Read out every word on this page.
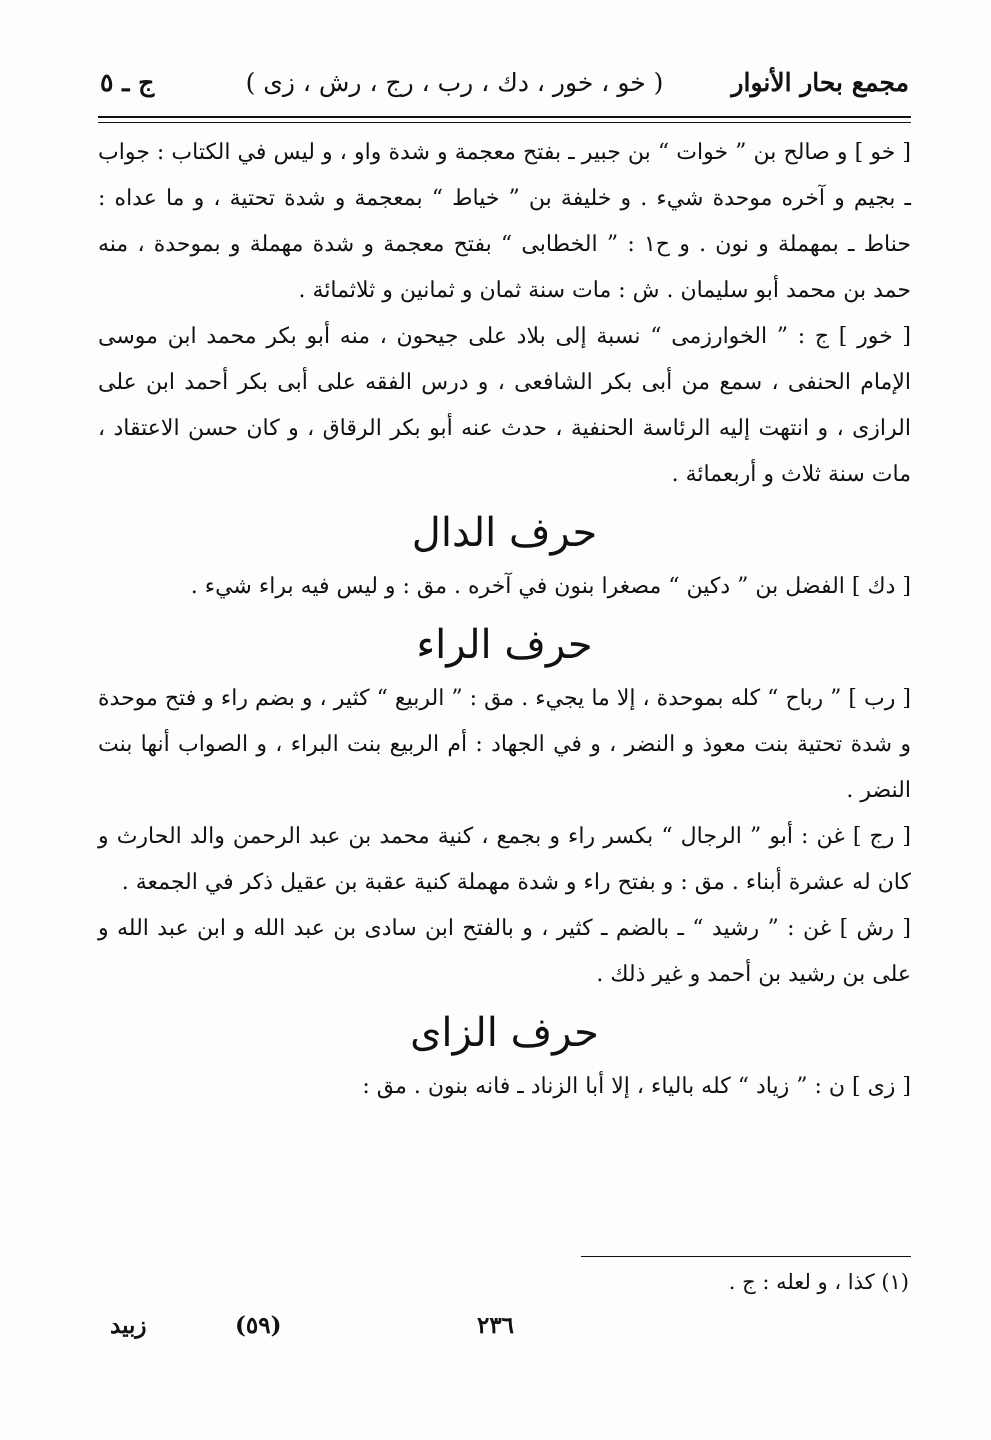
مجمع بحار الأنوار
( خو ، خور ، دك ، رب ، رج ، رش ، زى )
ج ـ ٥

[ خو ] و صالح بن ” خوات “ بن جبير ـ بفتح معجمة و شدة واو ، و ليس في الكتاب : جواب ـ بجيم و آخره موحدة شيء . و خليفة بن ” خياط “ بمعجمة و شدة تحتية ، و ما عداه : حناط ـ بمهملة و نون . و ح١ : ” الخطابى “ بفتح معجمة و شدة مهملة و بموحدة ، منه حمد بن محمد أبو سليمان . ش : مات سنة ثمان و ثمانين و ثلاثمائة .

[ خور ] ج : ” الخوارزمى “ نسبة إلى بلاد على جيحون ، منه أبو بكر محمد ابن موسى الإمام الحنفى ، سمع من أبى بكر الشافعى ، و درس الفقه على أبى بكر أحمد ابن على الرازى ، و انتهت إليه الرئاسة الحنفية ، حدث عنه أبو بكر الرقاق ، و كان حسن الاعتقاد ، مات سنة ثلاث و أربعمائة .

حرف الدال

[ دك ] الفضل بن ” دكين “ مصغرا بنون في آخره . مق : و ليس فيه براء شيء .

حرف الراء

[ رب ] ” رباح “ كله بموحدة ، إلا ما يجيء . مق : ” الربيع “ كثير ، و بضم راء و فتح موحدة و شدة تحتية بنت معوذ و النضر ، و في الجهاد : أم الربيع بنت البراء ، و الصواب أنها بنت النضر .

[ رج ] غن : أبو ” الرجال “ بكسر راء و بجمع ، كنية محمد بن عبد الرحمن والد الحارث و كان له عشرة أبناء . مق : و بفتح راء و شدة مهملة كنية عقبة بن عقيل ذكر في الجمعة .

[ رش ] غن : ” رشيد “ ـ بالضم ـ كثير ، و بالفتح ابن سادى بن عبد الله و ابن عبد الله و على بن رشيد بن أحمد و غير ذلك .

حرف الزاى

[ زى ] ن : ” زياد “ كله بالياء ، إلا أبا الزناد ـ فانه بنون . مق :

(١) كذا ، و لعله : ج .
٢٣٦
(٥٩)
زبيد
